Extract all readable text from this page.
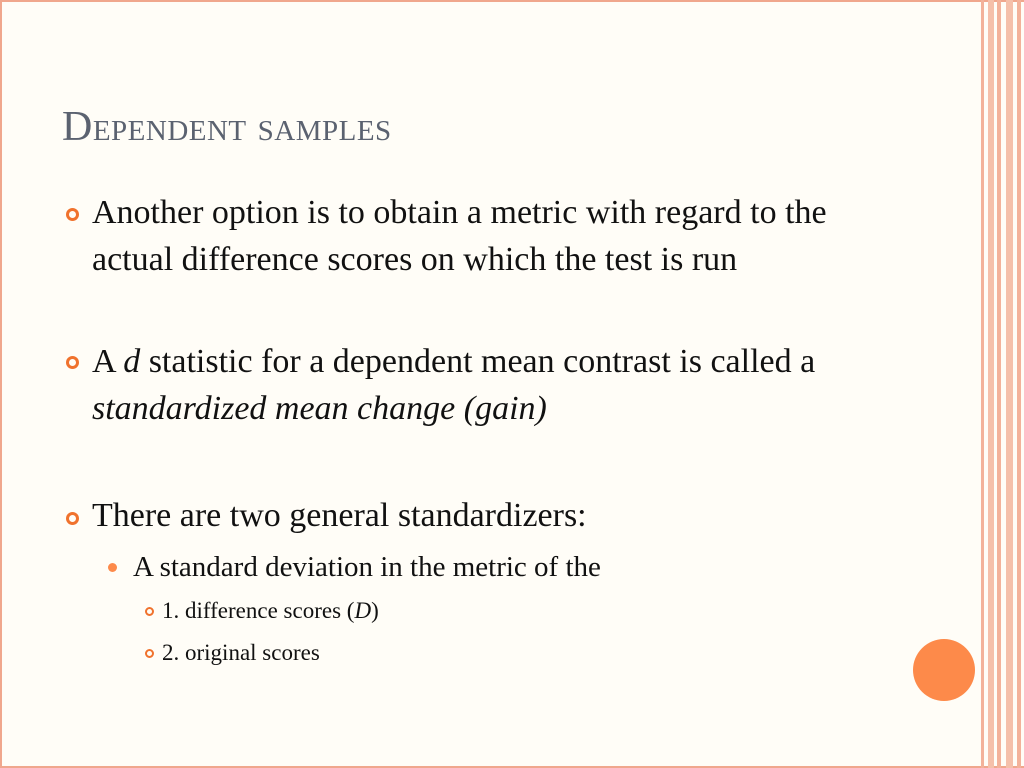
Dependent samples
Another option is to obtain a metric with regard to the actual difference scores on which the test is run
A d statistic for a dependent mean contrast is called a standardized mean change (gain)
There are two general standardizers:
A standard deviation in the metric of the
1. difference scores (D)
2. original scores
